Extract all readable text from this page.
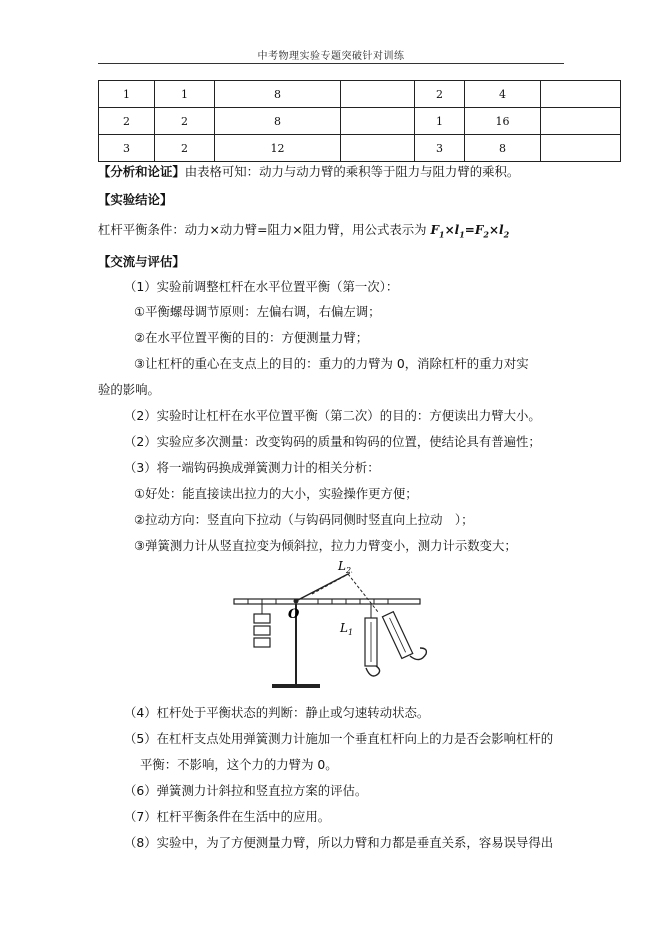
中考物理实验专题突破针对训练
1	1	8		2	4	
2	2	8		1	16	
3	2	12		3	8	
【分析和论证】由表格可知：动力与动力臂的乘积等于阻力与阻力臂的乘积。
【实验结论】
杠杆平衡条件：动力×动力臂=阻力×阻力臂，用公式表示为 $F_1\times l_1=F_2\times l_2$
【交流与评估】
（1）实验前调整杠杆在水平位置平衡（第一次）：
①平衡螺母调节原则：左偏右调，右偏左调；
②在水平位置平衡的目的：方便测量力臂；
③让杠杆的重心在支点上的目的：重力的力臂为 0，消除杠杆的重力对实
验的影响。
（2）实验时让杠杆在水平位置平衡（第二次）的目的：方便读出力臂大小。
（2）实验应多次测量：改变钩码的质量和钩码的位置，使结论具有普遍性；
（3）将一端钩码换成弹簧测力计的相关分析：
①好处：能直接读出拉力的大小，实验操作更方便；
②拉动方向：竖直向下拉动（与钩码同侧时竖直向上拉动　）；
③弹簧测力计从竖直拉变为倾斜拉，拉力力臂变小，测力计示数变大；
O
$L_2$
$L_1$
（4）杠杆处于平衡状态的判断：静止或匀速转动状态。
（5）在杠杆支点处用弹簧测力计施加一个垂直杠杆向上的力是否会影响杠杆的
平衡：不影响，这个力的力臂为 0。
（6）弹簧测力计斜拉和竖直拉方案的评估。
（7）杠杆平衡条件在生活中的应用。
（8）实验中，为了方便测量力臂，所以力臂和力都是垂直关系，容易误导得出
